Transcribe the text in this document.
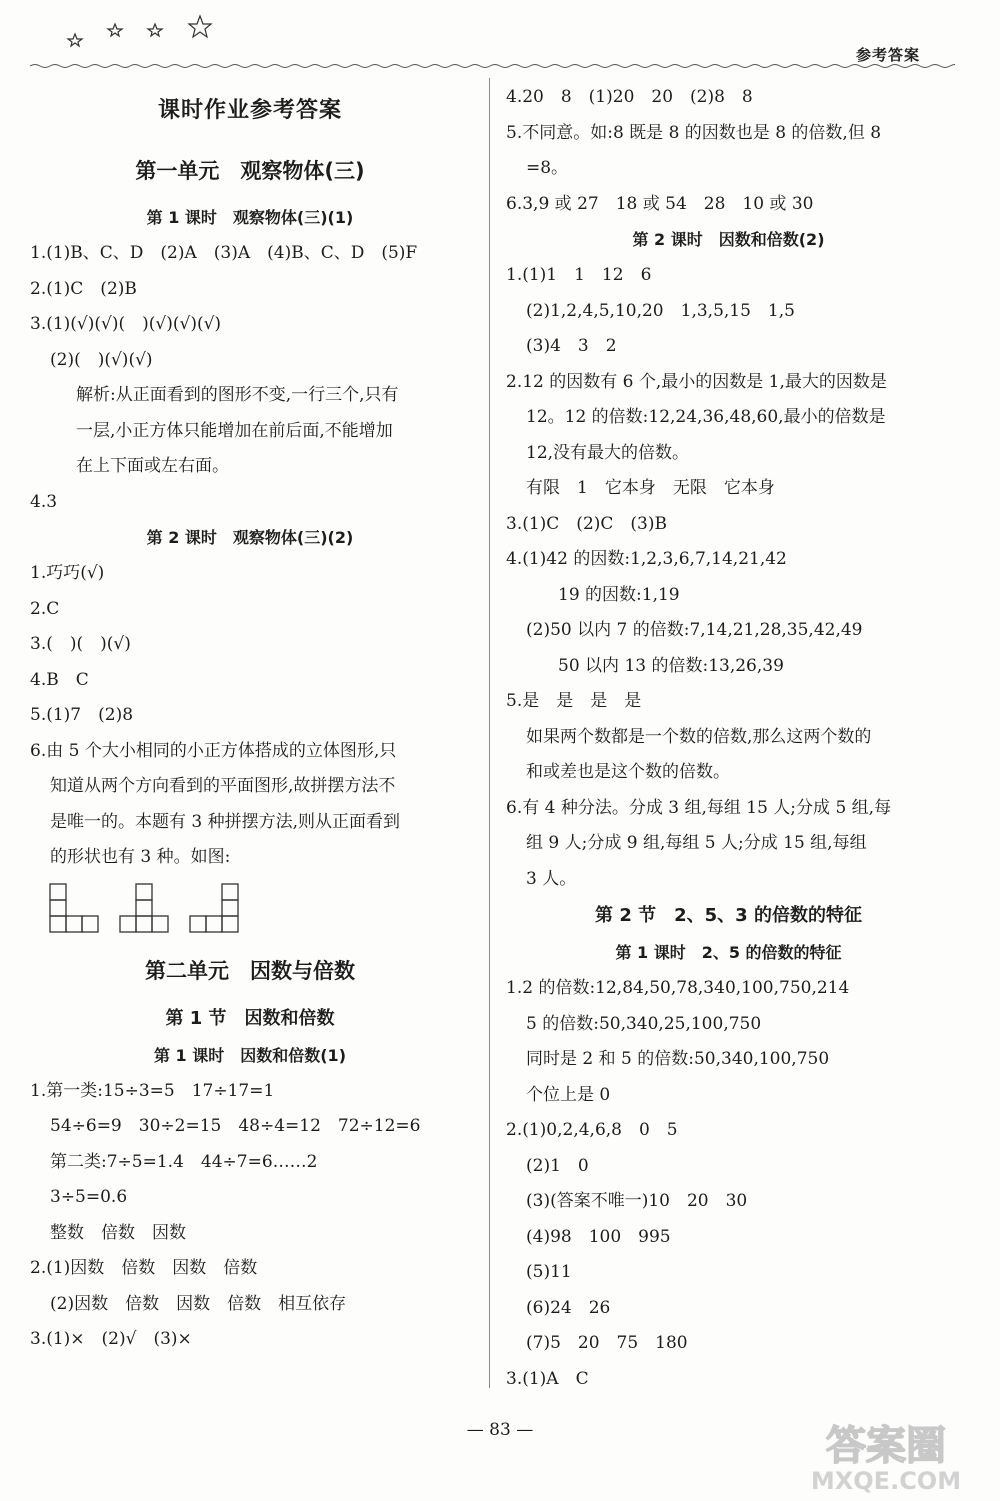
参考答案
课时作业参考答案
第一单元　观察物体(三)
第 1 课时　观察物体(三)(1)
1.(1)B、C、D　(2)A　(3)A　(4)B、C、D　(5)F
2.(1)C　(2)B
3.(1)(√)(√)(　)(√)(√)(√)
(2)(　)(√)(√)
解析:从正面看到的图形不变,一行三个,只有
一层,小正方体只能增加在前后面,不能增加
在上下面或左右面。
4.3
第 2 课时　观察物体(三)(2)
1.巧巧(√)
2.C
3.(　)(　)(√)
4.B　C
5.(1)7　(2)8
6.由 5 个大小相同的小正方体搭成的立体图形,只
知道从两个方向看到的平面图形,故拼摆方法不
是唯一的。本题有 3 种拼摆方法,则从正面看到
的形状也有 3 种。如图:
第二单元　因数与倍数
第 1 节　因数和倍数
第 1 课时　因数和倍数(1)
1.第一类:15÷3=5　17÷17=1
54÷6=9　30÷2=15　48÷4=12　72÷12=6
第二类:7÷5=1.4　44÷7=6……2
3÷5=0.6
整数　倍数　因数
2.(1)因数　倍数　因数　倍数
(2)因数　倍数　因数　倍数　相互依存
3.(1)×　(2)√　(3)×
4.20　8　(1)20　20　(2)8　8
5.不同意。如:8 既是 8 的因数也是 8 的倍数,但 8
=8。
6.3,9 或 27　18 或 54　28　10 或 30
第 2 课时　因数和倍数(2)
1.(1)1　1　12　6
(2)1,2,4,5,10,20　1,3,5,15　1,5
(3)4　3　2
2.12 的因数有 6 个,最小的因数是 1,最大的因数是
12。12 的倍数:12,24,36,48,60,最小的倍数是
12,没有最大的倍数。
有限　1　它本身　无限　它本身
3.(1)C　(2)C　(3)B
4.(1)42 的因数:1,2,3,6,7,14,21,42
19 的因数:1,19
(2)50 以内 7 的倍数:7,14,21,28,35,42,49
50 以内 13 的倍数:13,26,39
5.是　是　是　是
如果两个数都是一个数的倍数,那么这两个数的
和或差也是这个数的倍数。
6.有 4 种分法。分成 3 组,每组 15 人;分成 5 组,每
组 9 人;分成 9 组,每组 5 人;分成 15 组,每组
3 人。
第 2 节　2、5、3 的倍数的特征
第 1 课时　2、5 的倍数的特征
1.2 的倍数:12,84,50,78,340,100,750,214
5 的倍数:50,340,25,100,750
同时是 2 和 5 的倍数:50,340,100,750
个位上是 0
2.(1)0,2,4,6,8　0　5
(2)1　0
(3)(答案不唯一)10　20　30
(4)98　100　995
(5)11
(6)24　26
(7)5　20　75　180
3.(1)A　C
— 83 —	答案圈
MXQE.COM
